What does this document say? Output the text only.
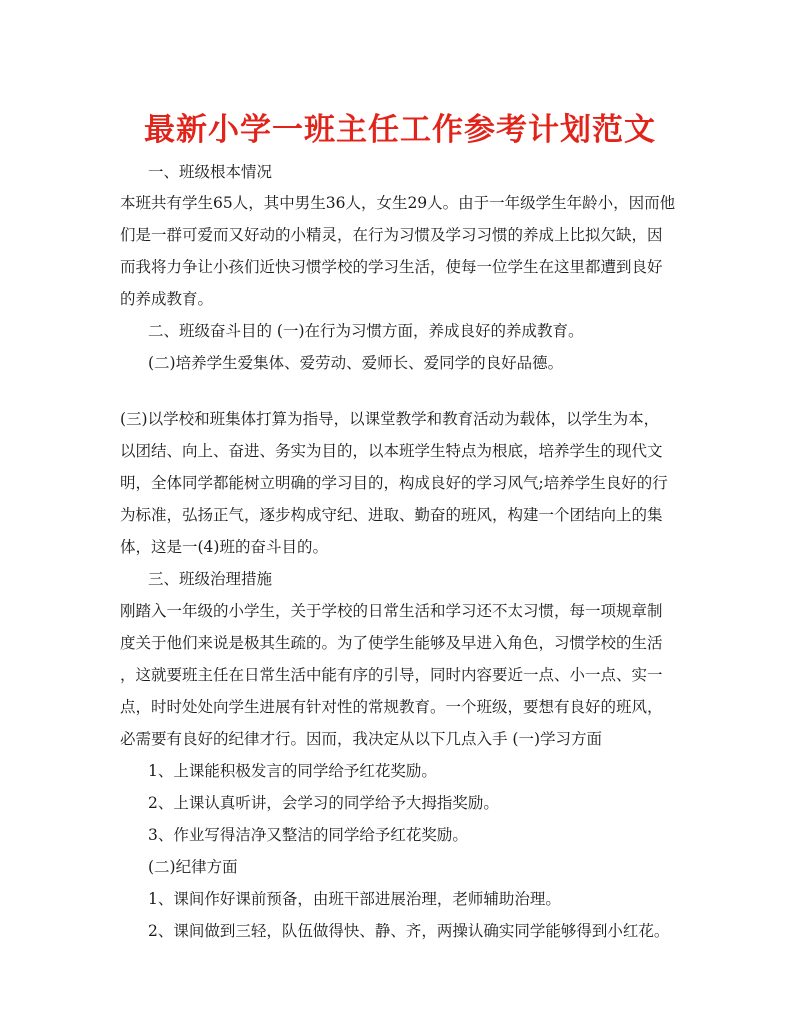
最新小学一班主任工作参考计划范文
一、班级根本情况
本班共有学生65人，其中男生36人，女生29人。由于一年级学生年龄小，因而他
们是一群可爱而又好动的小精灵，在行为习惯及学习习惯的养成上比拟欠缺，因
而我将力争让小孩们近快习惯学校的学习生活，使每一位学生在这里都遭到良好
的养成教育。
二、班级奋斗目的 (一)在行为习惯方面，养成良好的养成教育。
(二)培养学生爱集体、爱劳动、爱师长、爱同学的良好品德。
(三)以学校和班集体打算为指导，以课堂教学和教育活动为载体，以学生为本，
以团结、向上、奋进、务实为目的，以本班学生特点为根底，培养学生的现代文
明，全体同学都能树立明确的学习目的，构成良好的学习风气;培养学生良好的行
为标准，弘扬正气，逐步构成守纪、进取、勤奋的班风，构建一个团结向上的集
体，这是一(4)班的奋斗目的。
三、班级治理措施
刚踏入一年级的小学生，关于学校的日常生活和学习还不太习惯，每一项规章制
度关于他们来说是极其生疏的。为了使学生能够及早进入角色，习惯学校的生活
，这就要班主任在日常生活中能有序的引导，同时内容要近一点、小一点、实一
点，时时处处向学生进展有针对性的常规教育。一个班级，要想有良好的班风，
必需要有良好的纪律才行。因而，我决定从以下几点入手 (一)学习方面
1、上课能积极发言的同学给予红花奖励。
2、上课认真听讲，会学习的同学给予大拇指奖励。
3、作业写得洁净又整洁的同学给予红花奖励。
(二)纪律方面
1、课间作好课前预备，由班干部进展治理，老师辅助治理。
2、课间做到三轻，队伍做得快、静、齐，两操认确实同学能够得到小红花。
